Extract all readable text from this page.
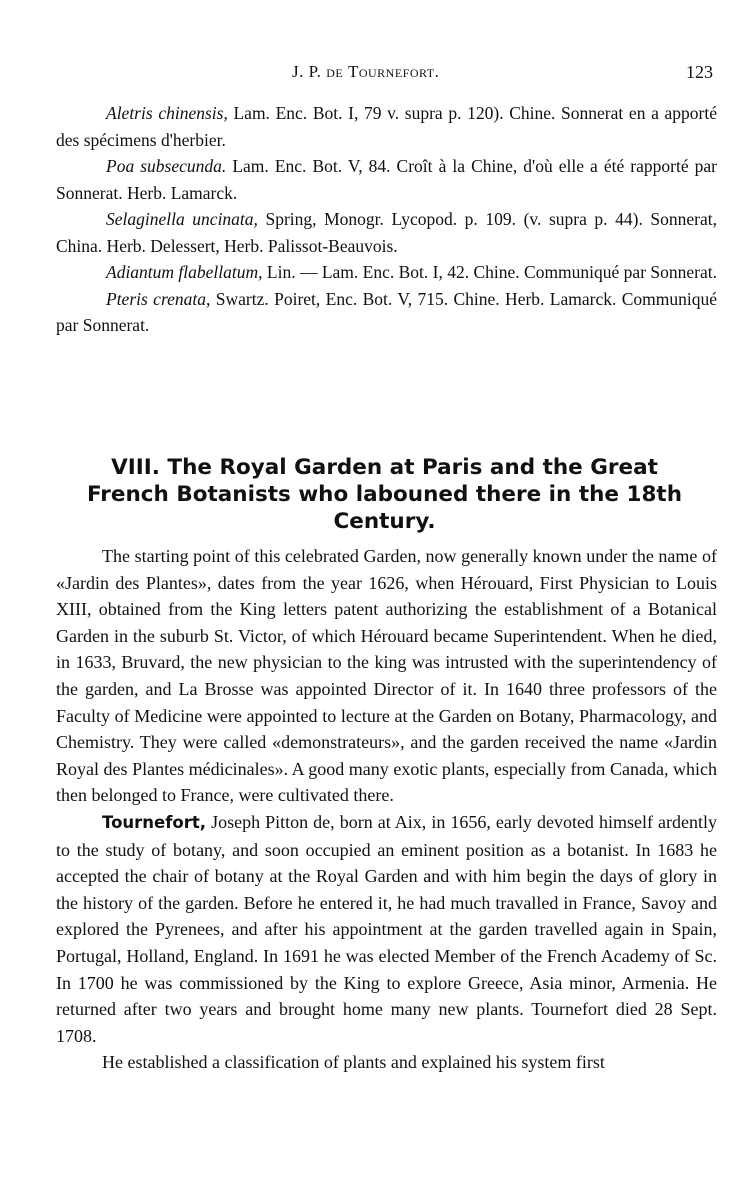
J. P. de Tournefort.	123

Aletris chinensis, Lam. Enc. Bot. I, 79 v. supra p. 120). Chine. Sonnerat en a apporté des spécimens d'herbier.

Poa subsecunda. Lam. Enc. Bot. V, 84. Croît à la Chine, d'où elle a été rapporté par Sonnerat. Herb. Lamarck.

Selaginella uncinata, Spring, Monogr. Lycopod. p. 109. (v. supra p. 44). Sonnerat, China. Herb. Delessert, Herb. Palissot-Beauvois.

Adiantum flabellatum, Lin. — Lam. Enc. Bot. I, 42. Chine. Communiqué par Sonnerat.

Pteris crenata, Swartz. Poiret, Enc. Bot. V, 715. Chine. Herb. Lamarck. Communiqué par Sonnerat.

VIII. The Royal Garden at Paris and the Great French Botanists who labouned there in the 18th Century.

The starting point of this celebrated Garden, now generally known under the name of «Jardin des Plantes», dates from the year 1626, when Hérouard, First Physician to Louis XIII, obtained from the King letters patent authorizing the establishment of a Botanical Garden in the suburb St. Victor, of which Hérouard became Superintendent. When he died, in 1633, Bruvard, the new physician to the king was intrusted with the superintendency of the garden, and La Brosse was appointed Director of it. In 1640 three professors of the Faculty of Medicine were appointed to lecture at the Garden on Botany, Pharmacology, and Chemistry. They were called «demonstrateurs», and the garden received the name «Jardin Royal des Plantes médicinales». A good many exotic plants, especially from Canada, which then belonged to France, were cultivated there.

Tournefort, Joseph Pitton de, born at Aix, in 1656, early devoted himself ardently to the study of botany, and soon occupied an eminent position as a botanist. In 1683 he accepted the chair of botany at the Royal Garden and with him begin the days of glory in the history of the garden. Before he entered it, he had much travalled in France, Savoy and explored the Pyrenees, and after his appointment at the garden travelled again in Spain, Portugal, Holland, England. In 1691 he was elected Member of the French Academy of Sc. In 1700 he was commissioned by the King to explore Greece, Asia minor, Armenia. He returned after two years and brought home many new plants. Tournefort died 28 Sept. 1708.

He established a classification of plants and explained his system first
